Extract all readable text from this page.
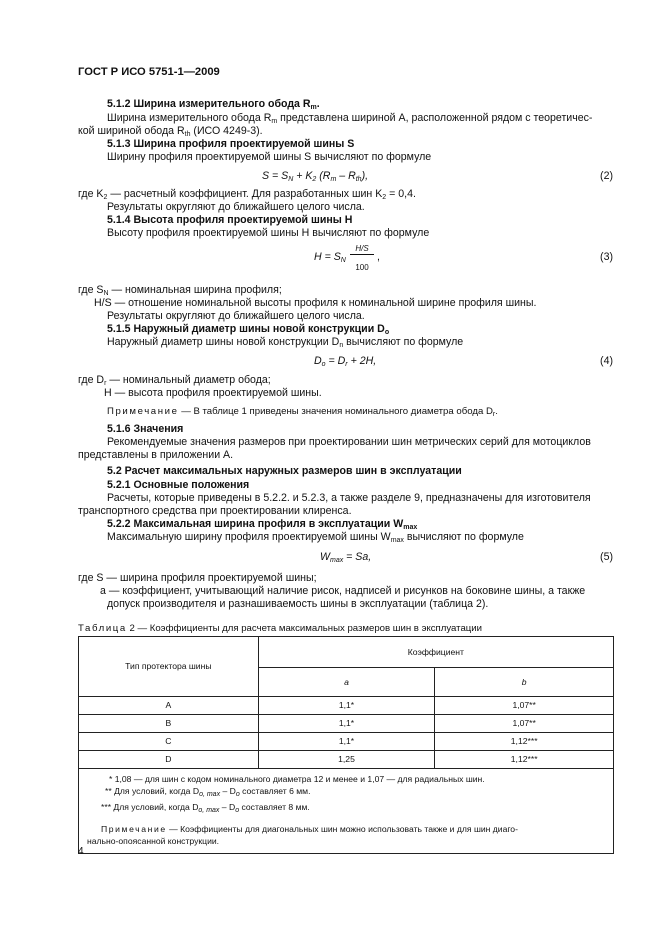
ГОСТ Р ИСО 5751-1—2009
5.1.2 Ширина измерительного обода $R_m$.
Ширина измерительного обода $R_m$ представлена шириной A, расположенной рядом с теоретичес-
кой шириной обода $R_{th}$ (ИСО 4249-3).
5.1.3 Ширина профиля проектируемой шины S
Ширину профиля проектируемой шины S вычисляют по формуле
$S = S_N + K_2$ $(R_m - R_{th})$,	(2)
где $K_2$ — расчетный коэффициент. Для разработанных шин $K_2 = 0,4$.
Результаты округляют до ближайшего целого числа.
5.1.4 Высота профиля проектируемой шины H
Высоту профиля проектируемой шины H вычисляют по формуле
$H = S_N$
H/S
100
,	(3)
где $S_N$ — номинальная ширина профиля;
H/S — отношение номинальной высоты профиля к номинальной ширине профиля шины.
Результаты округляют до ближайшего целого числа.
5.1.5 Наружный диаметр шины новой конструкции $D_o$
Наружный диаметр шины новой конструкции $D_n$ вычисляют по формуле
$D_o = D_r + 2H$,	(4)
где $D_r$ — номинальный диаметр обода;
H — высота профиля проектируемой шины.
Примечание — В таблице 1 приведены значения номинального диаметра обода $D_r$.
5.1.6 Значения
Рекомендуемые значения размеров при проектировании шин метрических серий для мотоциклов
представлены в приложении А.
5.2 Расчет максимальных наружных размеров шин в эксплуатации
5.2.1 Основные положения
Расчеты, которые приведены в 5.2.2. и 5.2.3, а также разделе 9, предназначены для изготовителя
транспортного средства при проектировании клиренса.
5.2.2 Максимальная ширина профиля в эксплуатации $W_{max}$
Максимальную ширину профиля проектируемой шины $W_{max}$ вычисляют по формуле
$W_{max} = Sa$,	(5)
где S — ширина профиля проектируемой шины;
a — коэффициент, учитывающий наличие рисок, надписей и рисунков на боковине шины, а также
допуск производителя и разнашиваемость шины в эксплуатации (таблица 2).
Таблица 2 — Коэффициенты для расчета максимальных размеров шин в эксплуатации
Тип протектора шины	Коэффициент	
	a	b
A	1,1*	1,07**
B	1,1*	1,07**
C	1,1*	1,12***
D	1,25	1,12***

* 1,08 — для шин с кодом номинального диаметра 12 и менее и 1,07 — для радиальных шин.
** Для условий, когда $D_{o, max} - D_o$ составляет 6 мм.
*** Для условий, когда $D_{o, max} - D_o$ составляет 8 мм.
Примечание — Коэффициенты для диагональных шин можно использовать также и для шин диаго-
нально-опоясанной конструкции.		
4
